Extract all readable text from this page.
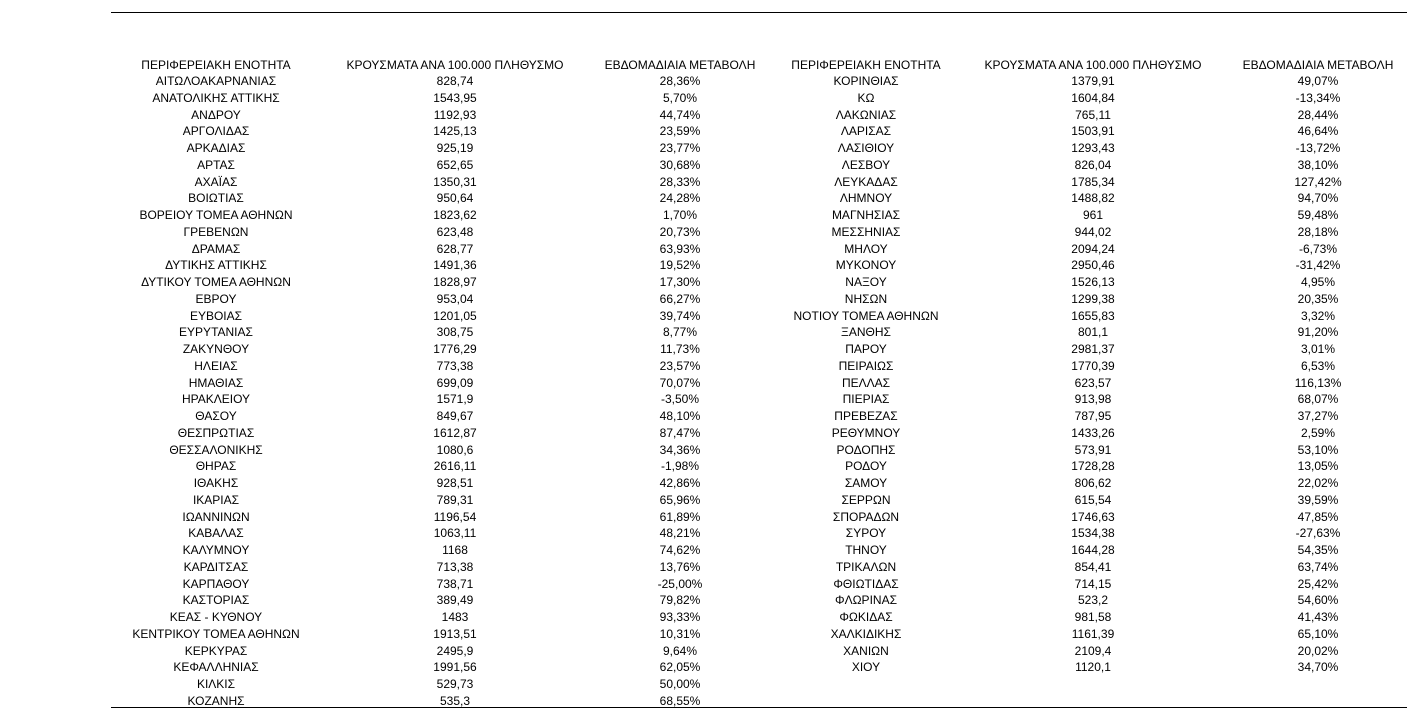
ΠΕΡΙΦΕΡΕΙΑΚΗ ΕΝΟΤΗΤΑ	ΚΡΟΥΣΜΑΤΑ ΑΝΑ 100.000 ΠΛΗΘΥΣΜΟ	ΕΒΔΟΜΑΔΙΑΙΑ ΜΕΤΑΒΟΛΗ	ΠΕΡΙΦΕΡΕΙΑΚΗ ΕΝΟΤΗΤΑ	ΚΡΟΥΣΜΑΤΑ ΑΝΑ 100.000 ΠΛΗΘΥΣΜΟ	ΕΒΔΟΜΑΔΙΑΙΑ ΜΕΤΑΒΟΛΗ
ΑΙΤΩΛΟΑΚΑΡΝΑΝΙΑΣ	828,74	28,36%	ΚΟΡΙΝΘΙΑΣ	1379,91	49,07%
ΑΝΑΤΟΛΙΚΗΣ ΑΤΤΙΚΗΣ	1543,95	5,70%	ΚΩ	1604,84	-13,34%
ΑΝΔΡΟΥ	1192,93	44,74%	ΛΑΚΩΝΙΑΣ	765,11	28,44%
ΑΡΓΟΛΙΔΑΣ	1425,13	23,59%	ΛΑΡΙΣΑΣ	1503,91	46,64%
ΑΡΚΑΔΙΑΣ	925,19	23,77%	ΛΑΣΙΘΙΟΥ	1293,43	-13,72%
ΑΡΤΑΣ	652,65	30,68%	ΛΕΣΒΟΥ	826,04	38,10%
ΑΧΑΪΑΣ	1350,31	28,33%	ΛΕΥΚΑΔΑΣ	1785,34	127,42%
ΒΟΙΩΤΙΑΣ	950,64	24,28%	ΛΗΜΝΟΥ	1488,82	94,70%
ΒΟΡΕΙΟΥ ΤΟΜΕΑ ΑΘΗΝΩΝ	1823,62	1,70%	ΜΑΓΝΗΣΙΑΣ	961	59,48%
ΓΡΕΒΕΝΩΝ	623,48	20,73%	ΜΕΣΣΗΝΙΑΣ	944,02	28,18%
ΔΡΑΜΑΣ	628,77	63,93%	ΜΗΛΟΥ	2094,24	-6,73%
ΔΥΤΙΚΗΣ ΑΤΤΙΚΗΣ	1491,36	19,52%	ΜΥΚΟΝΟΥ	2950,46	-31,42%
ΔΥΤΙΚΟΥ ΤΟΜΕΑ ΑΘΗΝΩΝ	1828,97	17,30%	ΝΑΞΟΥ	1526,13	4,95%
ΕΒΡΟΥ	953,04	66,27%	ΝΗΣΩΝ	1299,38	20,35%
ΕΥΒΟΙΑΣ	1201,05	39,74%	ΝΟΤΙΟΥ ΤΟΜΕΑ ΑΘΗΝΩΝ	1655,83	3,32%
ΕΥΡΥΤΑΝΙΑΣ	308,75	8,77%	ΞΑΝΘΗΣ	801,1	91,20%
ΖΑΚΥΝΘΟΥ	1776,29	11,73%	ΠΑΡΟΥ	2981,37	3,01%
ΗΛΕΙΑΣ	773,38	23,57%	ΠΕΙΡΑΙΩΣ	1770,39	6,53%
ΗΜΑΘΙΑΣ	699,09	70,07%	ΠΕΛΛΑΣ	623,57	116,13%
ΗΡΑΚΛΕΙΟΥ	1571,9	-3,50%	ΠΙΕΡΙΑΣ	913,98	68,07%
ΘΑΣΟΥ	849,67	48,10%	ΠΡΕΒΕΖΑΣ	787,95	37,27%
ΘΕΣΠΡΩΤΙΑΣ	1612,87	87,47%	ΡΕΘΥΜΝΟΥ	1433,26	2,59%
ΘΕΣΣΑΛΟΝΙΚΗΣ	1080,6	34,36%	ΡΟΔΟΠΗΣ	573,91	53,10%
ΘΗΡΑΣ	2616,11	-1,98%	ΡΟΔΟΥ	1728,28	13,05%
ΙΘΑΚΗΣ	928,51	42,86%	ΣΑΜΟΥ	806,62	22,02%
ΙΚΑΡΙΑΣ	789,31	65,96%	ΣΕΡΡΩΝ	615,54	39,59%
ΙΩΑΝΝΙΝΩΝ	1196,54	61,89%	ΣΠΟΡΑΔΩΝ	1746,63	47,85%
ΚΑΒΑΛΑΣ	1063,11	48,21%	ΣΥΡΟΥ	1534,38	-27,63%
ΚΑΛΥΜΝΟΥ	1168	74,62%	ΤΗΝΟΥ	1644,28	54,35%
ΚΑΡΔΙΤΣΑΣ	713,38	13,76%	ΤΡΙΚΑΛΩΝ	854,41	63,74%
ΚΑΡΠΑΘΟΥ	738,71	-25,00%	ΦΘΙΩΤΙΔΑΣ	714,15	25,42%
ΚΑΣΤΟΡΙΑΣ	389,49	79,82%	ΦΛΩΡΙΝΑΣ	523,2	54,60%
ΚΕΑΣ - ΚΥΘΝΟΥ	1483	93,33%	ΦΩΚΙΔΑΣ	981,58	41,43%
ΚΕΝΤΡΙΚΟΥ ΤΟΜΕΑ ΑΘΗΝΩΝ	1913,51	10,31%	ΧΑΛΚΙΔΙΚΗΣ	1161,39	65,10%
ΚΕΡΚΥΡΑΣ	2495,9	9,64%	ΧΑΝΙΩΝ	2109,4	20,02%
ΚΕΦΑΛΛΗΝΙΑΣ	1991,56	62,05%	ΧΙΟΥ	1120,1	34,70%
ΚΙΛΚΙΣ	529,73	50,00%
ΚΟΖΑΝΗΣ	535,3	68,55%
